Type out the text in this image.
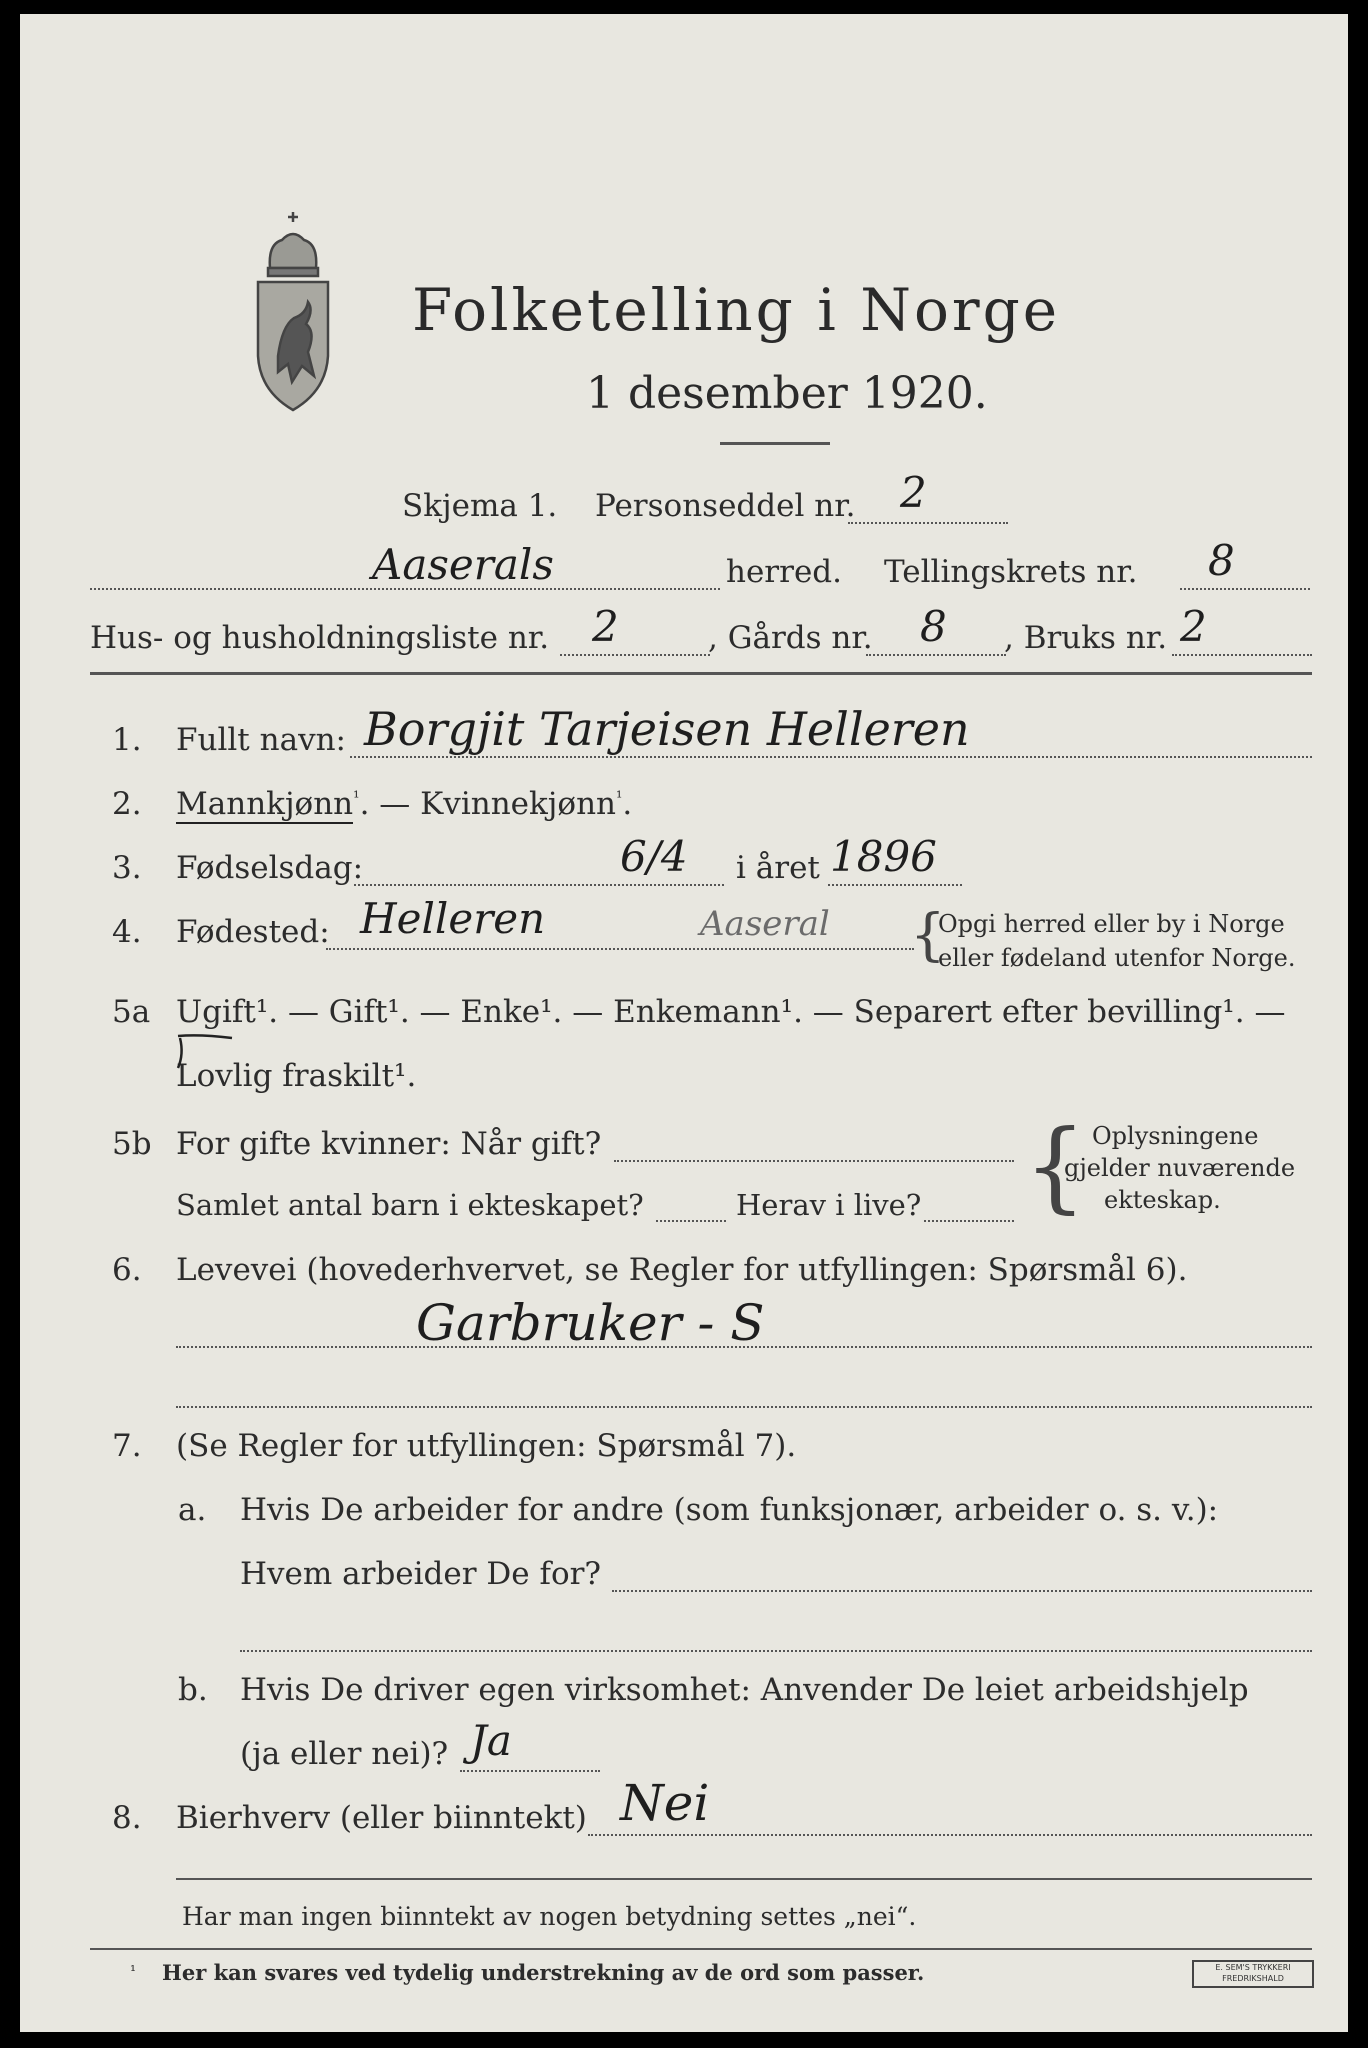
Folketelling i Norge
1 desember 1920.
Skjema 1. Personseddel nr. 2
Aaserals	herred. Tellingskrets nr. 8
Hus- og husholdningsliste nr. 2	, Gårds nr. 8 , Bruks nr. 2
1. Fullt navn: Borgjit Tarjeisen Helleren
2. Mannkjønn$^{^1}$. — Kvinnekjønn$^{^1}$.
3. Fødselsdag:	6/4 i året 1896
4. Fødested: Helleren	Aaseral {
Opgi herred eller by i Norge
eller fødeland utenfor Norge.
5a Ugift¹. — Gift¹. — Enke¹. — Enkemann¹. — Separert efter bevilling¹. —
Lovlig fraskilt¹.
5b For gifte kvinner: Når gift?
Samlet antal barn i ekteskapet?	Herav i live? { Oplysningene
gjelder nuværende
ekteskap.
6. Levevei (hovederhvervet, se Regler for utfyllingen: Spørsmål 6).
Garbruker - S
7. (Se Regler for utfyllingen: Spørsmål 7).
a. Hvis De arbeider for andre (som funksjonær, arbeider o. s. v.):
Hvem arbeider De for?
b. Hvis De driver egen virksomhet: Anvender De leiet arbeidshjelp
(ja eller nei)? Ja
8. Bierhverv (eller biinntekt) Nei
Har man ingen biinntekt av nogen betydning settes „nei“.
¹ Her kan svares ved tydelig understrekning av de ord som passer.	E. SEM'S TRYKKERI FREDRIKSHALD
